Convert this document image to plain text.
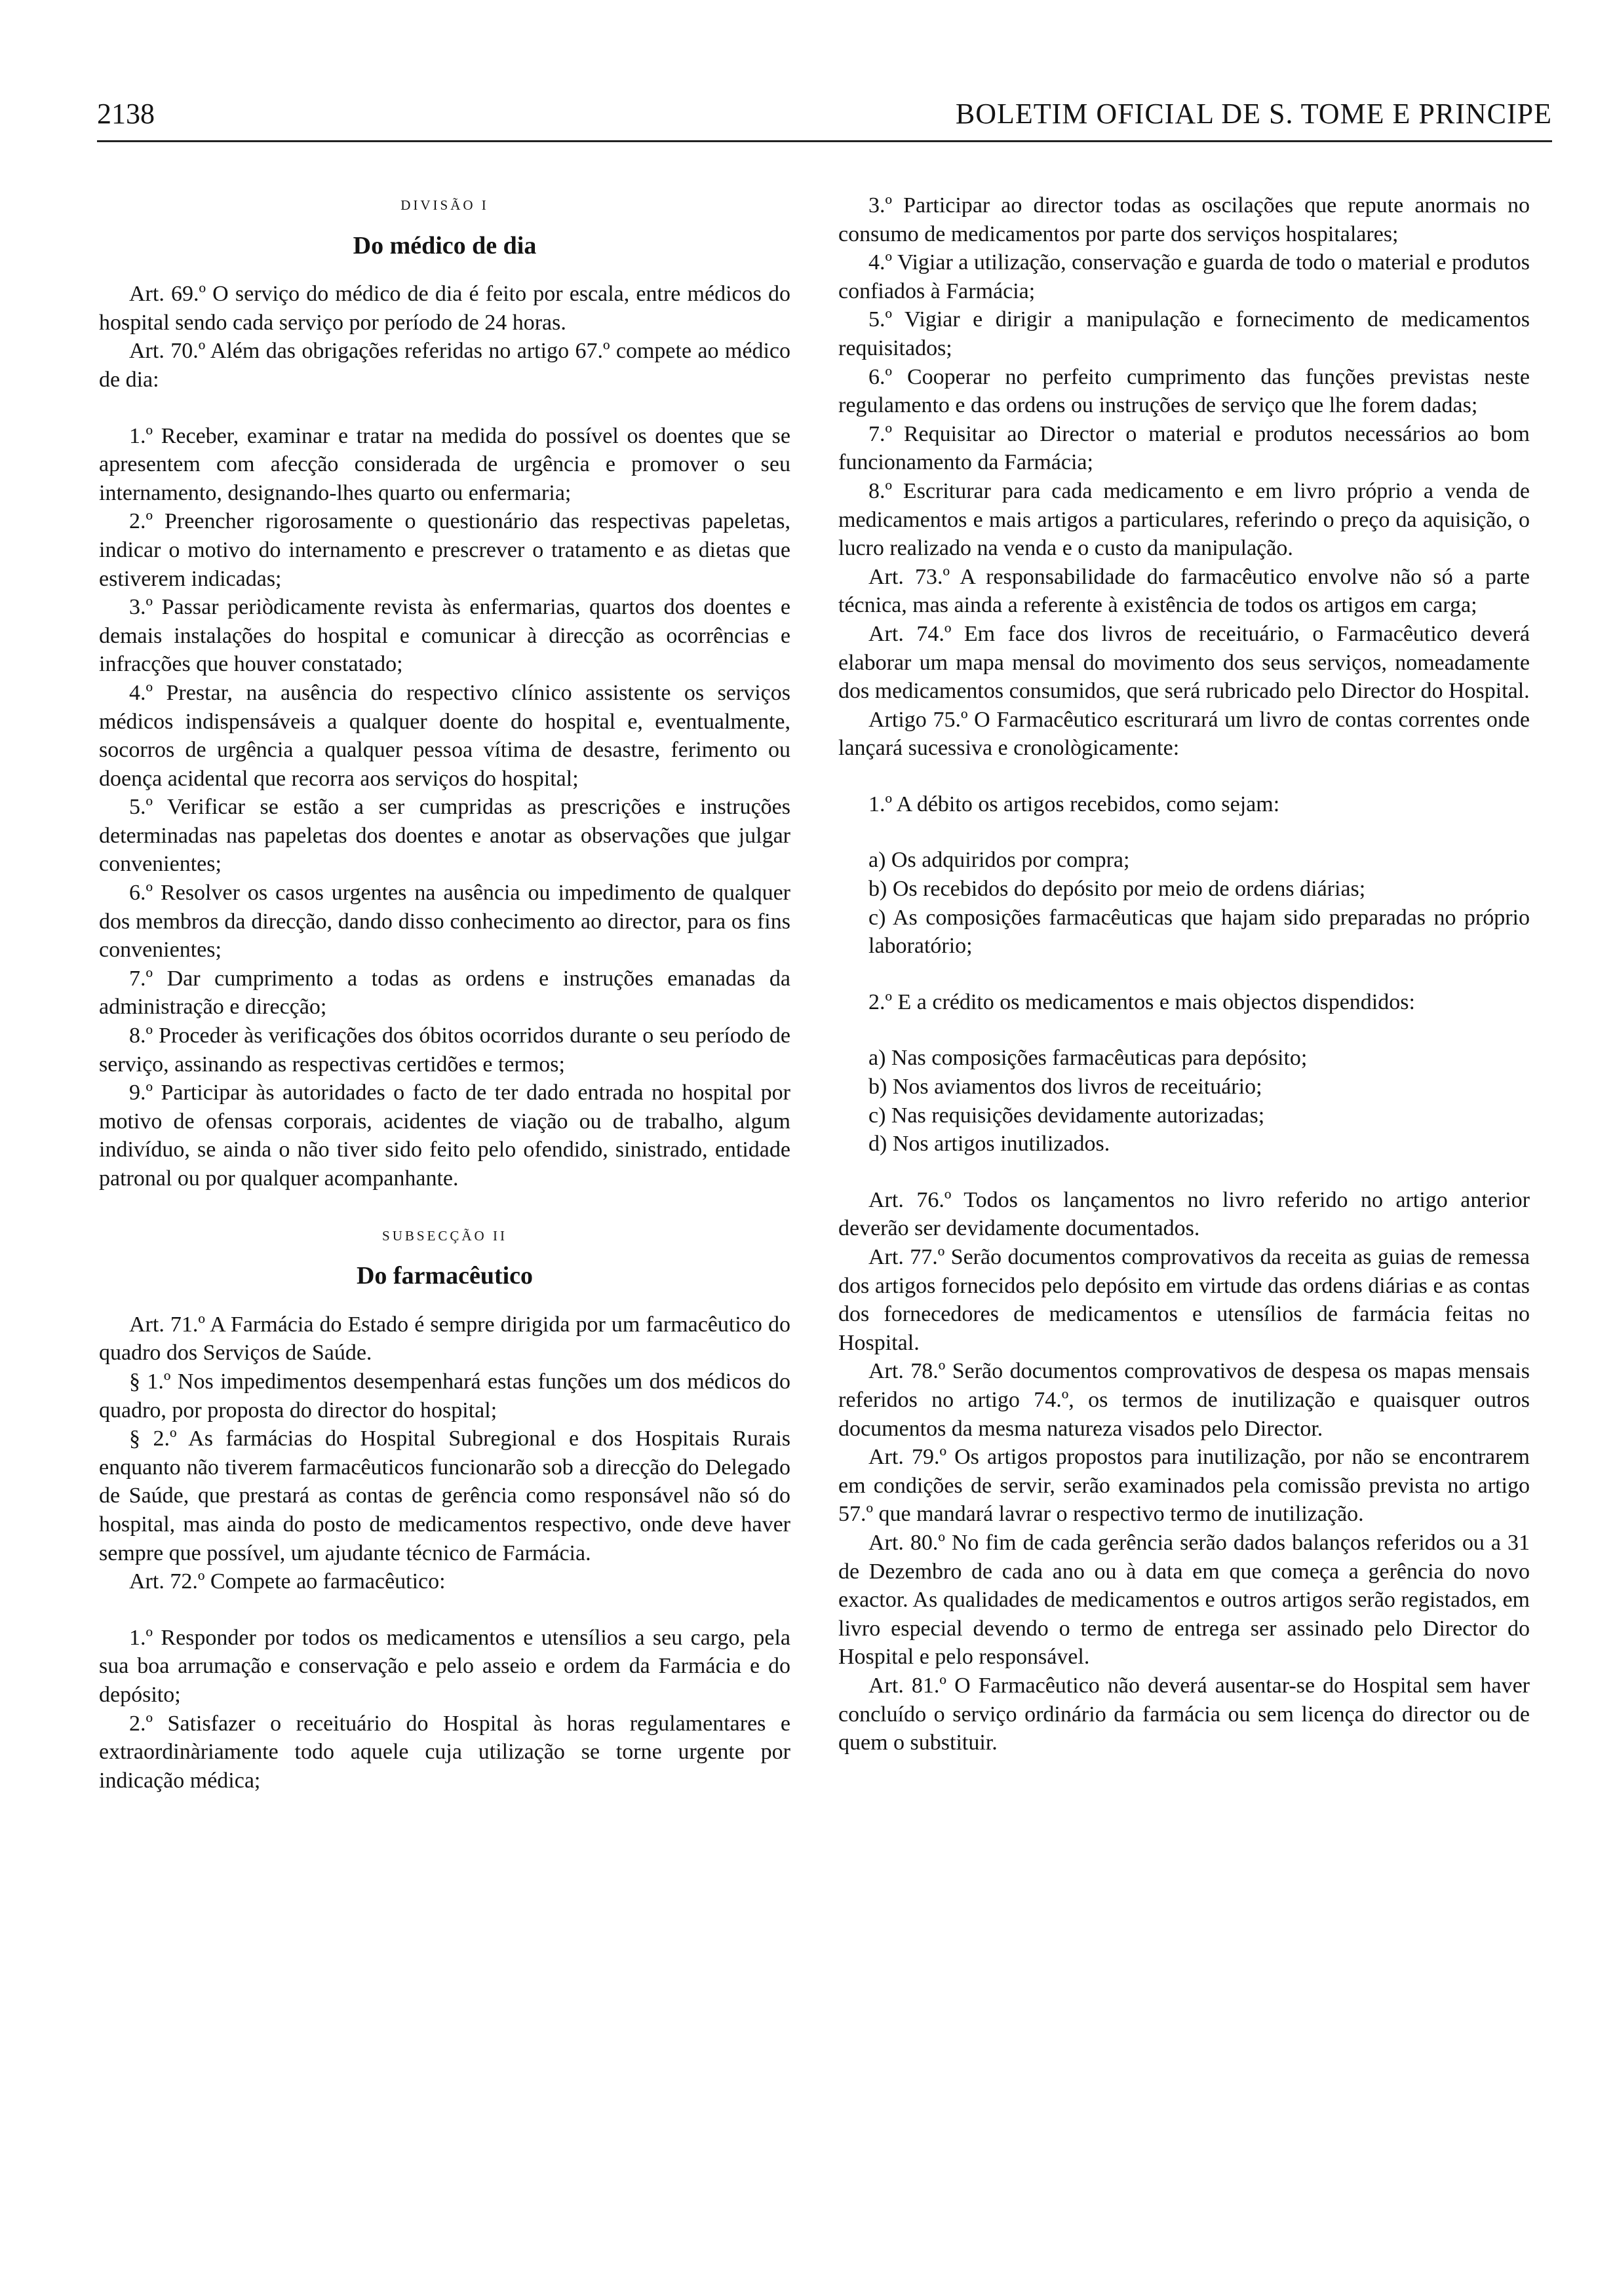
2138	BOLETIM OFICIAL DE S. TOME E PRINCIPE

DIVISÃO I

Do médico de dia

Art. 69.º O serviço do médico de dia é feito por escala, entre médicos do hospital sendo cada serviço por período de 24 horas.

Art. 70.º Além das obrigações referidas no artigo 67.º compete ao médico de dia:

1.º Receber, examinar e tratar na medida do possível os doentes que se apresentem com afecção considerada de urgência e promover o seu internamento, designando-lhes quarto ou enfermaria;

2.º Preencher rigorosamente o questionário das respectivas papeletas, indicar o motivo do internamento e prescrever o tratamento e as dietas que estiverem indicadas;

3.º Passar periòdicamente revista às enfermarias, quartos dos doentes e demais instalações do hospital e comunicar à direcção as ocorrências e infracções que houver constatado;

4.º Prestar, na ausência do respectivo clínico assistente os serviços médicos indispensáveis a qualquer doente do hospital e, eventualmente, socorros de urgência a qualquer pessoa vítima de desastre, ferimento ou doença acidental que recorra aos serviços do hospital;

5.º Verificar se estão a ser cumpridas as prescrições e instruções determinadas nas papeletas dos doentes e anotar as observações que julgar convenientes;

6.º Resolver os casos urgentes na ausência ou impedimento de qualquer dos membros da direcção, dando disso conhecimento ao director, para os fins convenientes;

7.º Dar cumprimento a todas as ordens e instruções emanadas da administração e direcção;

8.º Proceder às verificações dos óbitos ocorridos durante o seu período de serviço, assinando as respectivas certidões e termos;

9.º Participar às autoridades o facto de ter dado entrada no hospital por motivo de ofensas corporais, acidentes de viação ou de trabalho, algum indivíduo, se ainda o não tiver sido feito pelo ofendido, sinistrado, entidade patronal ou por qualquer acompanhante.

SUBSECÇÃO II

Do farmacêutico

Art. 71.º A Farmácia do Estado é sempre dirigida por um farmacêutico do quadro dos Serviços de Saúde.

§ 1.º Nos impedimentos desempenhará estas funções um dos médicos do quadro, por proposta do director do hospital;

§ 2.º As farmácias do Hospital Subregional e dos Hospitais Rurais enquanto não tiverem farmacêuticos funcionarão sob a direcção do Delegado de Saúde, que prestará as contas de gerência como responsável não só do hospital, mas ainda do posto de medicamentos respectivo, onde deve haver sempre que possível, um ajudante técnico de Farmácia.

Art. 72.º Compete ao farmacêutico:

1.º Responder por todos os medicamentos e utensílios a seu cargo, pela sua boa arrumação e conservação e pelo asseio e ordem da Farmácia e do depósito;

2.º Satisfazer o receituário do Hospital às horas regulamentares e extraordinàriamente todo aquele cuja utilização se torne urgente por indicação médica;

3.º Participar ao director todas as oscilações que repute anormais no consumo de medicamentos por parte dos serviços hospitalares;

4.º Vigiar a utilização, conservação e guarda de todo o material e produtos confiados à Farmácia;

5.º Vigiar e dirigir a manipulação e fornecimento de medicamentos requisitados;

6.º Cooperar no perfeito cumprimento das funções previstas neste regulamento e das ordens ou instruções de serviço que lhe forem dadas;

7.º Requisitar ao Director o material e produtos necessários ao bom funcionamento da Farmácia;

8.º Escriturar para cada medicamento e em livro próprio a venda de medicamentos e mais artigos a particulares, referindo o preço da aquisição, o lucro realizado na venda e o custo da manipulação.

Art. 73.º A responsabilidade do farmacêutico envolve não só a parte técnica, mas ainda a referente à existência de todos os artigos em carga;

Art. 74.º Em face dos livros de receituário, o Farmacêutico deverá elaborar um mapa mensal do movimento dos seus serviços, nomeadamente dos medicamentos consumidos, que será rubricado pelo Director do Hospital.

Artigo 75.º O Farmacêutico escriturará um livro de contas correntes onde lançará sucessiva e cronològicamente:

1.º A débito os artigos recebidos, como sejam:

a) Os adquiridos por compra;

b) Os recebidos do depósito por meio de ordens diárias;

c) As composições farmacêuticas que hajam sido preparadas no próprio laboratório;

2.º E a crédito os medicamentos e mais objectos dispendidos:

a) Nas composições farmacêuticas para depósito;

b) Nos aviamentos dos livros de receituário;

c) Nas requisições devidamente autorizadas;

d) Nos artigos inutilizados.

Art. 76.º Todos os lançamentos no livro referido no artigo anterior deverão ser devidamente documentados.

Art. 77.º Serão documentos comprovativos da receita as guias de remessa dos artigos fornecidos pelo depósito em virtude das ordens diárias e as contas dos fornecedores de medicamentos e utensílios de farmácia feitas no Hospital.

Art. 78.º Serão documentos comprovativos de despesa os mapas mensais referidos no artigo 74.º, os termos de inutilização e quaisquer outros documentos da mesma natureza visados pelo Director.

Art. 79.º Os artigos propostos para inutilização, por não se encontrarem em condições de servir, serão examinados pela comissão prevista no artigo 57.º que mandará lavrar o respectivo termo de inutilização.

Art. 80.º No fim de cada gerência serão dados balanços referidos ou a 31 de Dezembro de cada ano ou à data em que começa a gerência do novo exactor. As qualidades de medicamentos e outros artigos serão registados, em livro especial devendo o termo de entrega ser assinado pelo Director do Hospital e pelo responsável.

Art. 81.º O Farmacêutico não deverá ausentar-se do Hospital sem haver concluído o serviço ordinário da farmácia ou sem licença do director ou de quem o substituir.
